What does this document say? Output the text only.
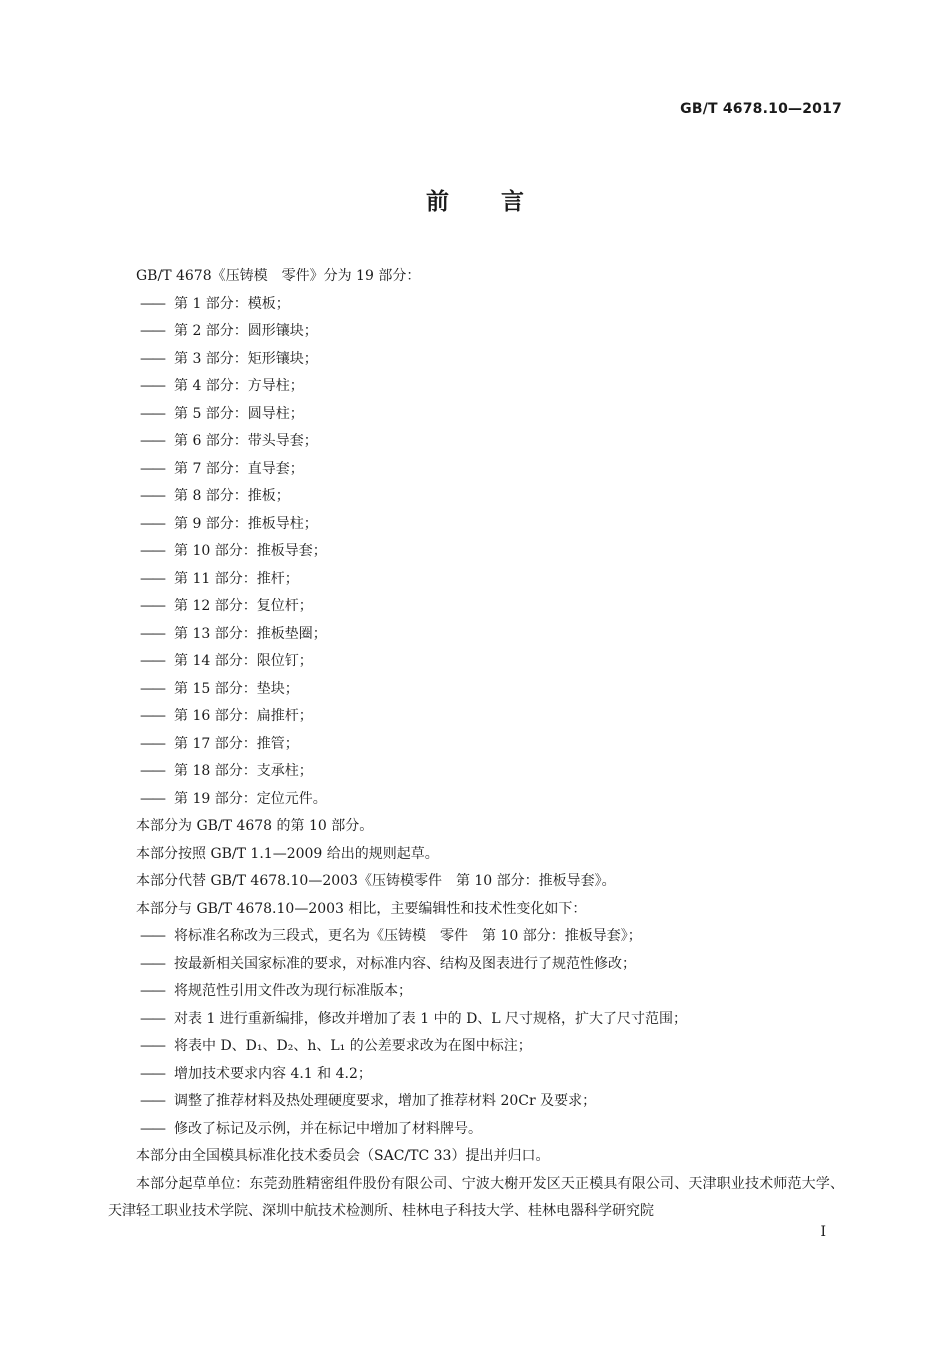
GB/T 4678.10—2017
前言

GB/T 4678《压铸模　零件》分为 19 部分：

—— 第 1 部分：模板；

—— 第 2 部分：圆形镶块；

—— 第 3 部分：矩形镶块；

—— 第 4 部分：方导柱；

—— 第 5 部分：圆导柱；

—— 第 6 部分：带头导套；

—— 第 7 部分：直导套；

—— 第 8 部分：推板；

—— 第 9 部分：推板导柱；

—— 第 10 部分：推板导套；

—— 第 11 部分：推杆；

—— 第 12 部分：复位杆；

—— 第 13 部分：推板垫圈；

—— 第 14 部分：限位钉；

—— 第 15 部分：垫块；

—— 第 16 部分：扁推杆；

—— 第 17 部分：推管；

—— 第 18 部分：支承柱；

—— 第 19 部分：定位元件。

本部分为 GB/T 4678 的第 10 部分。

本部分按照 GB/T 1.1—2009 给出的规则起草。

本部分代替 GB/T 4678.10—2003《压铸模零件　第 10 部分：推板导套》。

本部分与 GB/T 4678.10—2003 相比，主要编辑性和技术性变化如下：

—— 将标准名称改为三段式，更名为《压铸模　零件　第 10 部分：推板导套》；

—— 按最新相关国家标准的要求，对标准内容、结构及图表进行了规范性修改；

—— 将规范性引用文件改为现行标准版本；

—— 对表 1 进行重新编排，修改并增加了表 1 中的 D、L 尺寸规格，扩大了尺寸范围；

—— 将表中 D、D₁、D₂、h、L₁ 的公差要求改为在图中标注；

—— 增加技术要求内容 4.1 和 4.2；

—— 调整了推荐材料及热处理硬度要求，增加了推荐材料 20Cr 及要求；

—— 修改了标记及示例，并在标记中增加了材料牌号。

本部分由全国模具标准化技术委员会（SAC/TC 33）提出并归口。

本部分起草单位：东莞劲胜精密组件股份有限公司、宁波大榭开发区天正模具有限公司、天津职业技术师范大学、天津轻工职业技术学院、深圳中航技术检测所、桂林电子科技大学、桂林电器科学研究院

I
